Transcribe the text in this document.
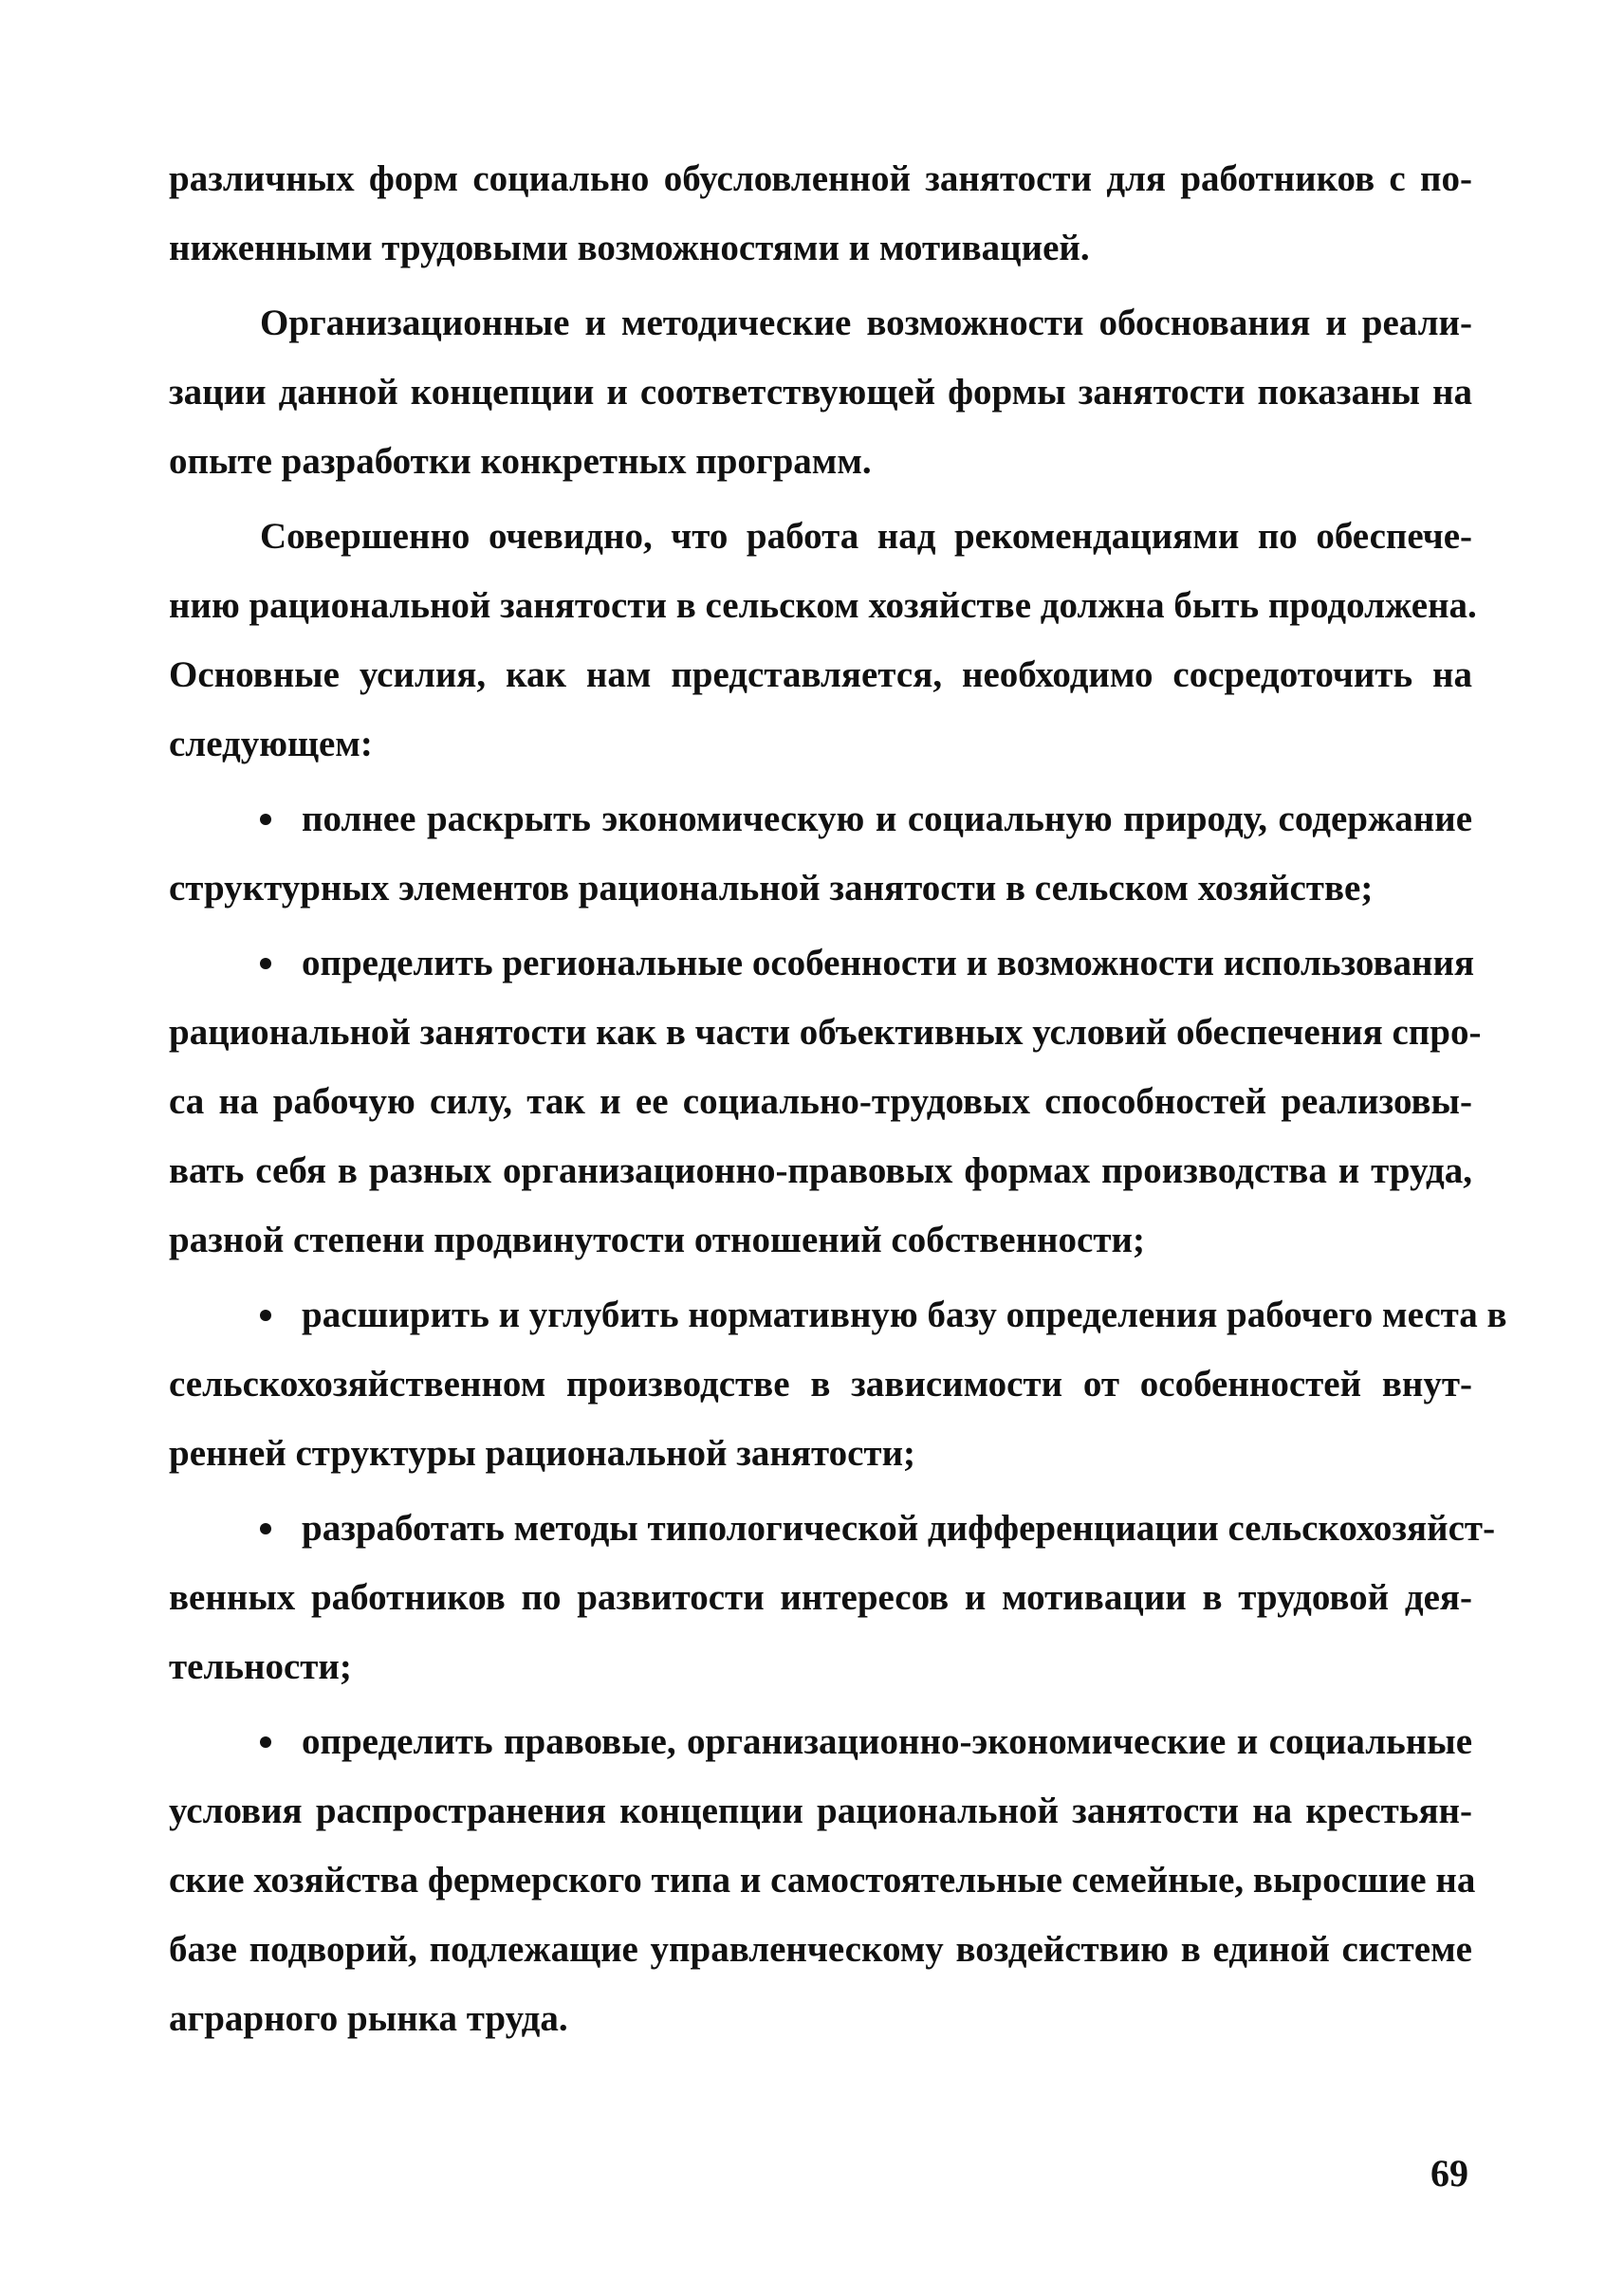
различных форм социально обусловленной занятости для работников с по-
ниженными трудовыми возможностями и мотивацией.
Организационные и методические возможности обоснования и реали-
зации данной концепции и соответствующей формы занятости показаны на
опыте разработки конкретных программ.
Совершенно очевидно, что работа над рекомендациями по обеспече-
нию рациональной занятости в сельском хозяйстве должна быть продолжена.
Основные усилия, как нам представляется, необходимо сосредоточить на
следующем:
полнее раскрыть экономическую и социальную природу, содержание
структурных элементов рациональной занятости в сельском хозяйстве;
определить региональные особенности и возможности использования
рациональной занятости как в части объективных условий обеспечения спро-
са на рабочую силу, так и ее социально-трудовых способностей реализовы-
вать себя в разных организационно-правовых формах производства и труда,
разной степени продвинутости отношений собственности;
расширить и углубить нормативную базу определения рабочего места в
сельскохозяйственном производстве в зависимости от особенностей внут-
ренней структуры рациональной занятости;
разработать методы типологической дифференциации сельскохозяйст-
венных работников по развитости интересов и мотивации в трудовой дея-
тельности;
определить правовые, организационно-экономические и социальные
условия распространения концепции рациональной занятости на крестьян-
ские хозяйства фермерского типа и самостоятельные семейные, выросшие на
базе подворий, подлежащие управленческому воздействию в единой системе
аграрного рынка труда.
69
